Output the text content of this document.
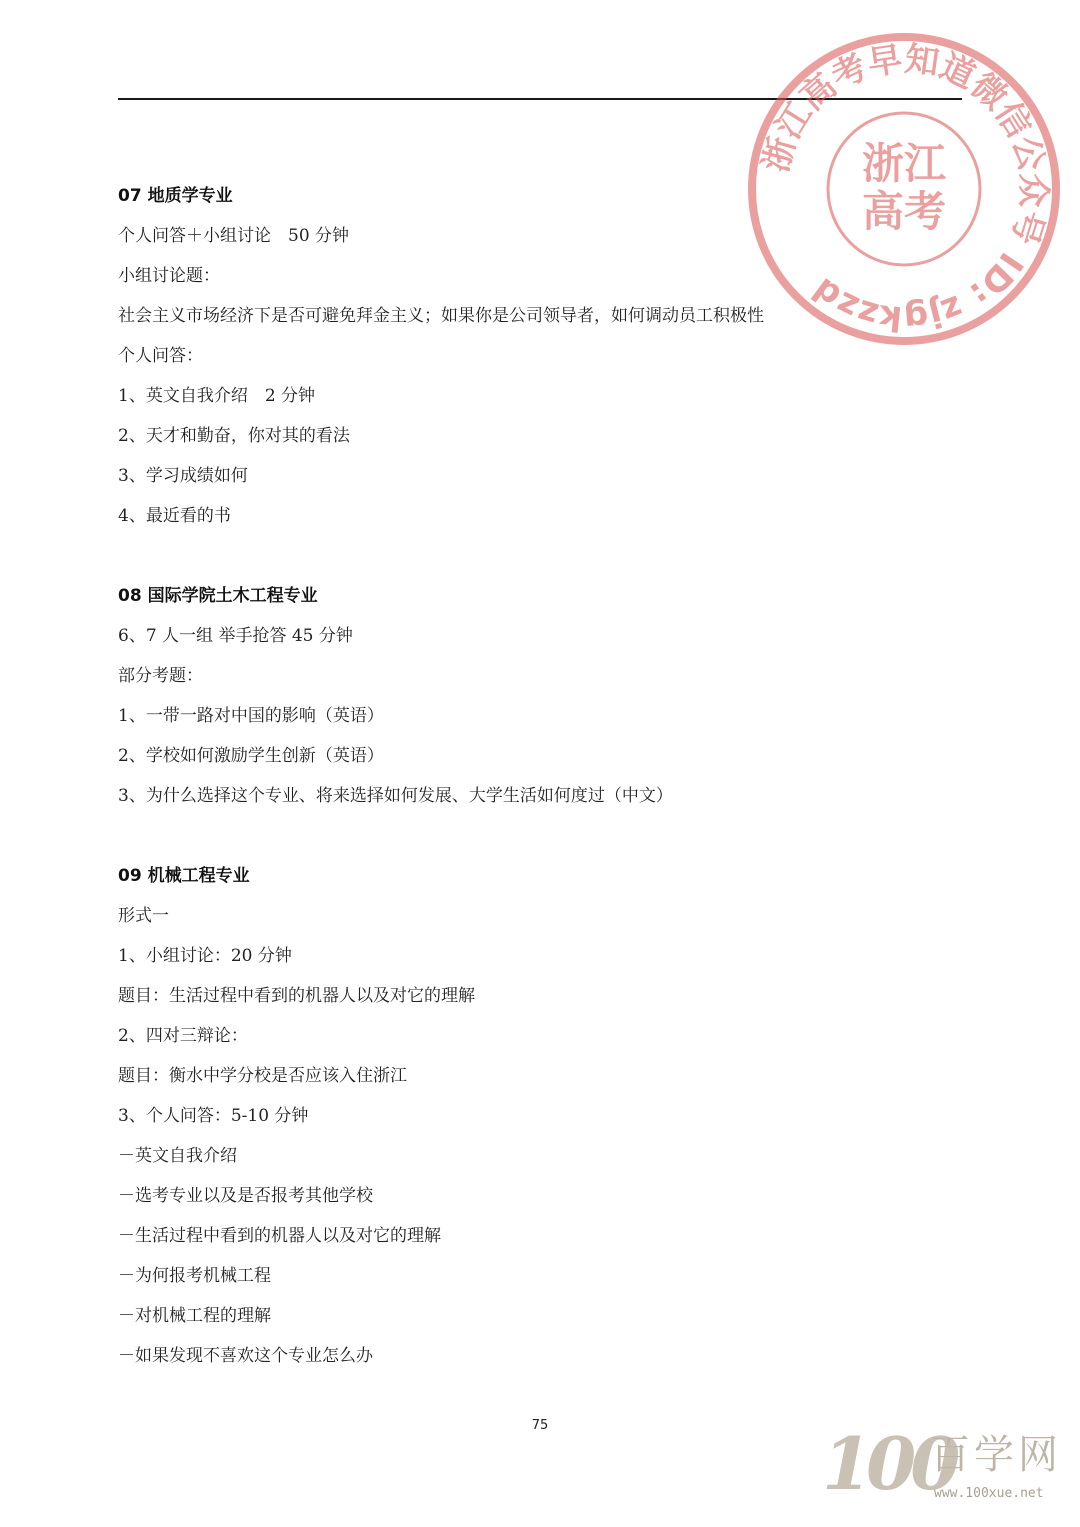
07 地质学专业
个人问答＋小组讨论　50 分钟
小组讨论题：
社会主义市场经济下是否可避免拜金主义；如果你是公司领导者，如何调动员工积极性
个人问答：
1、英文自我介绍　2 分钟
2、天才和勤奋，你对其的看法
3、学习成绩如何
4、最近看的书
08 国际学院土木工程专业
6、7 人一组 举手抢答 45 分钟
部分考题：
1、一带一路对中国的影响（英语）
2、学校如何激励学生创新（英语）
3、为什么选择这个专业、将来选择如何发展、大学生活如何度过（中文）
09 机械工程专业
形式一
1、小组讨论：20 分钟
题目：生活过程中看到的机器人以及对它的理解
2、四对三辩论：
题目：衡水中学分校是否应该入住浙江
3、个人问答：5-10 分钟
－英文自我介绍
－选考专业以及是否报考其他学校
－生活过程中看到的机器人以及对它的理解
－为何报考机械工程
－对机械工程的理解
－如果发现不喜欢这个专业怎么办
浙江高考早知道微信公众号 ID: zjgkzzd
浙江
高考
75	100
百学网
www.100xue.net
